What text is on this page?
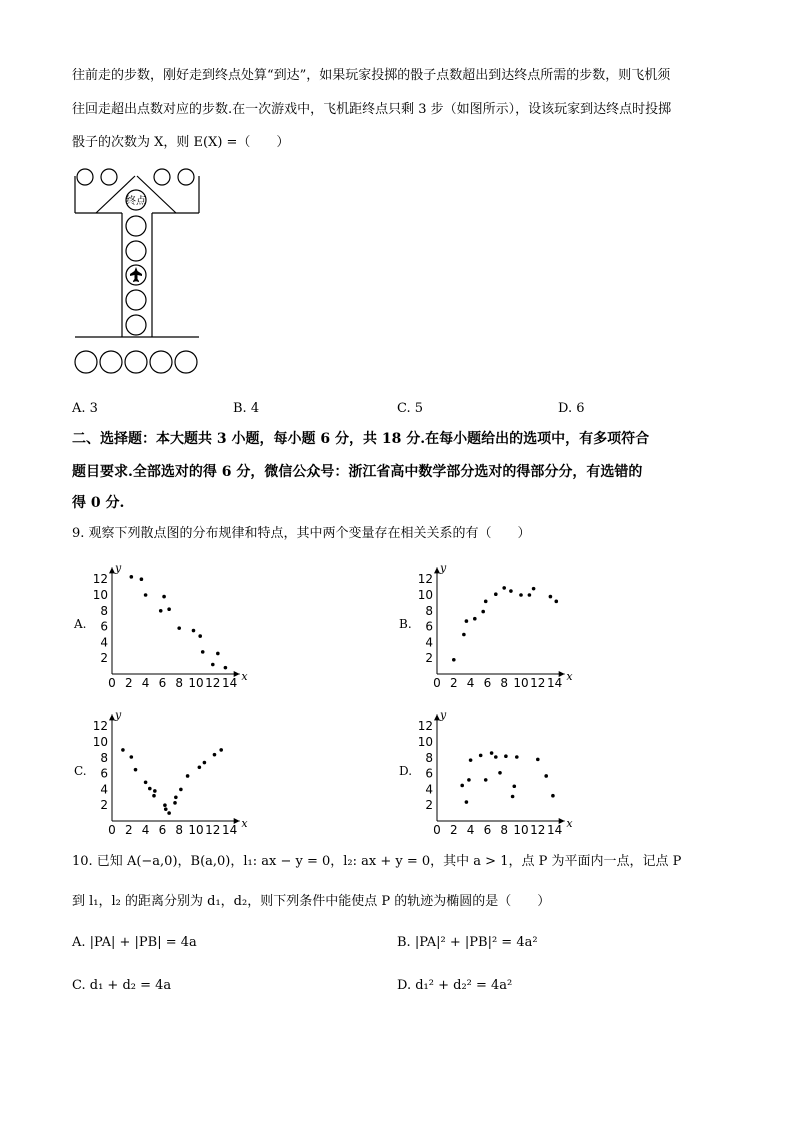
往前走的步数，刚好走到终点处算“到达”，如果玩家投掷的骰子点数超出到达终点所需的步数，则飞机须
往回走超出点数对应的步数.在一次游戏中，飞机距终点只剩 3 步（如图所示），设该玩家到达终点时投掷
骰子的次数为 X，则 E(X) =（　　）
终点
A. 3	B. 4	C. 5	D. 6
二、选择题：本大题共 3 小题，每小题 6 分，共 18 分.在每小题给出的选项中，有多项符合
题目要求.全部选对的得 6 分，微信公众号：浙江省高中数学部分选对的得部分分，有选错的
得 0 分.
9. 观察下列散点图的分布规律和特点，其中两个变量存在相关关系的有（　　）
A.
x
y
0 2 4 6 8 10 12 14
2
4
6
8
10
12
B.
x
y
0 2 4 6 8 10 12 14
2
4
6
8
10
12
C.
x
y
0 2 4 6 8 10 12 14
2
4
6
8
10
12
D.
x
y
0 2 4 6 8 10 12 14
2
4
6
8
10
12
10. 已知 A(−a,0)，B(a,0)，l₁: ax − y = 0，l₂: ax + y = 0，其中 a > 1，点 P 为平面内一点，记点 P
到 l₁，l₂ 的距离分别为 d₁，d₂，则下列条件中能使点 P 的轨迹为椭圆的是（　　）
A. |PA| + |PB| = 4a	B. |PA|² + |PB|² = 4a²
C. d₁ + d₂ = 4a	D. d₁² + d₂² = 4a²
